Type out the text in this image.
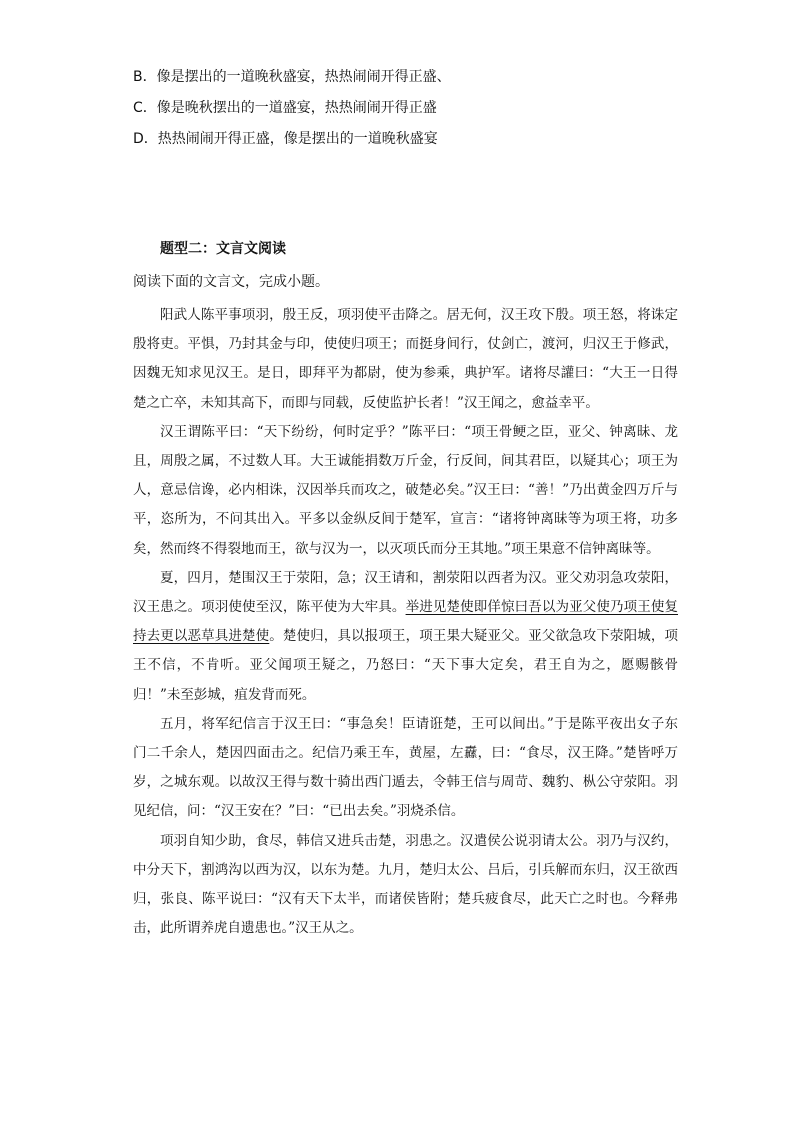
B．像是摆出的一道晚秋盛宴，热热闹闹开得正盛、
C．像是晚秋摆出的一道盛宴，热热闹闹开得正盛
D．热热闹闹开得正盛，像是摆出的一道晚秋盛宴
题型二：文言文阅读
阅读下面的文言文，完成小题。

阳武人陈平事项羽，殷王反，项羽使平击降之。居无何，汉王攻下殷。项王怒，将诛定殷将吏。平惧，乃封其金与印，使使归项王；而挺身间行，仗剑亡，渡河，归汉王于修武，因魏无知求见汉王。是日，即拜平为都尉，使为参乘，典护军。诸将尽讙曰：“大王一日得楚之亡卒，未知其高下，而即与同载，反使监护长者！”汉王闻之，愈益幸平。

汉王谓陈平曰：“天下纷纷，何时定乎？”陈平曰：“项王骨鲠之臣，亚父、钟离昧、龙且，周殷之属，不过数人耳。大王诚能捐数万斤金，行反间，间其君臣，以疑其心；项王为人，意忌信谗，必内相诛，汉因举兵而攻之，破楚必矣。”汉王曰：“善！”乃出黄金四万斤与平，恣所为，不问其出入。平多以金纵反间于楚军，宣言：“诸将钟离昧等为项王将，功多矣，然而终不得裂地而王，欲与汉为一，以灭项氏而分王其地。”项王果意不信钟离昧等。

夏，四月，楚围汉王于荥阳，急；汉王请和，割荥阳以西者为汉。亚父劝羽急攻荥阳，汉王患之。项羽使使至汉，陈平使为大牢具。举进见楚使即佯惊曰吾以为亚父使乃项王使复持去更以恶草具进楚使。楚使归，具以报项王，项王果大疑亚父。亚父欲急攻下荥阳城，项王不信，不肯听。亚父闻项王疑之，乃怒曰：“天下事大定矣，君王自为之，愿赐骸骨归！”未至彭城，疽发背而死。

五月，将军纪信言于汉王曰：“事急矣！臣请诳楚，王可以间出。”于是陈平夜出女子东门二千余人，楚因四面击之。纪信乃乘王车，黄屋，左纛，曰：“食尽，汉王降。”楚皆呼万岁，之城东观。以故汉王得与数十骑出西门遁去，令韩王信与周苛、魏豹、枞公守荥阳。羽见纪信，问：“汉王安在？”曰：“已出去矣。”羽烧杀信。

项羽自知少助，食尽，韩信又进兵击楚，羽患之。汉遣侯公说羽请太公。羽乃与汉约，中分天下，割鸿沟以西为汉，以东为楚。九月，楚归太公、吕后，引兵解而东归，汉王欲西归，张良、陈平说曰：“汉有天下太半，而诸侯皆附；楚兵疲食尽，此天亡之时也。今释弗击，此所谓养虎自遗患也。”汉王从之。
